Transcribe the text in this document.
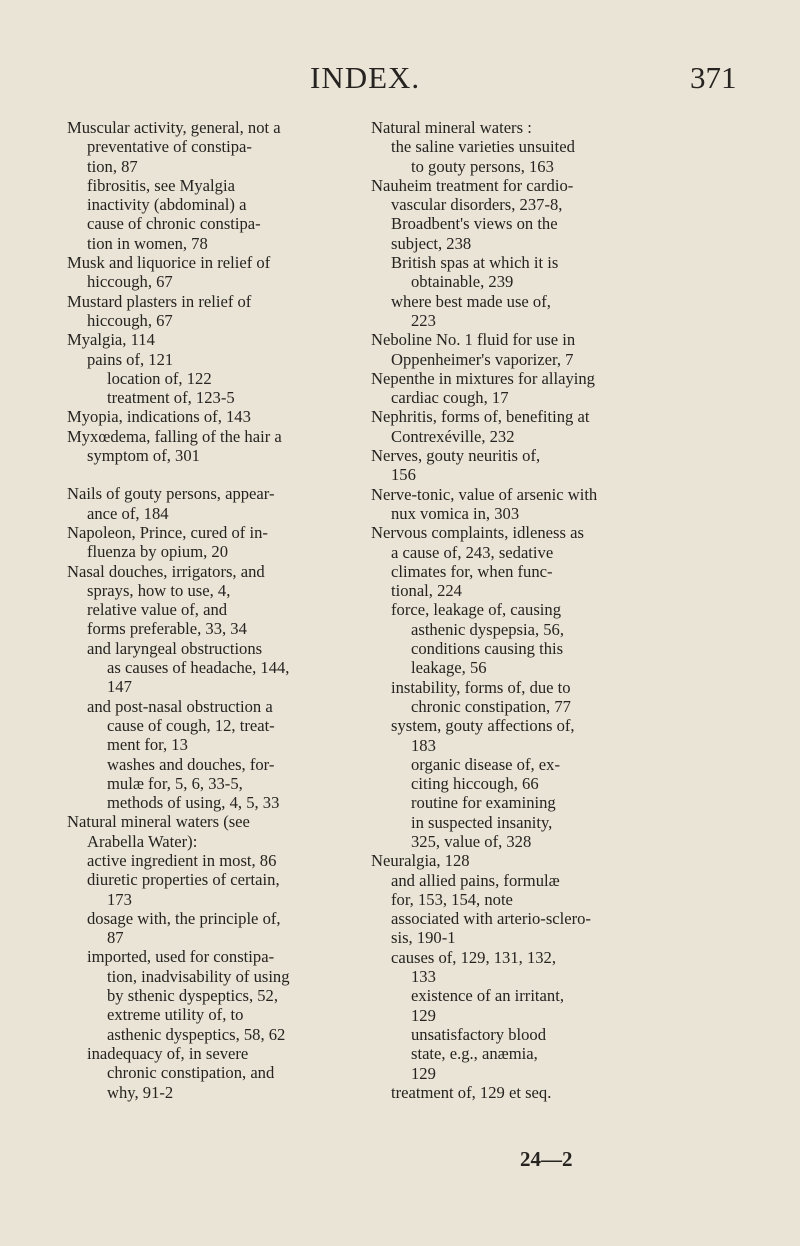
INDEX.	371
Muscular activity, general, not a
preventative of constipa-
tion, 87
fibrositis, see Myalgia
inactivity (abdominal) a
cause of chronic constipa-
tion in women, 78
Musk and liquorice in relief of
hiccough, 67
Mustard plasters in relief of
hiccough, 67
Myalgia, 114
pains of, 121
location of, 122
treatment of, 123-5
Myopia, indications of, 143
Myxœdema, falling of the hair a
symptom of, 301
Nails of gouty persons, appear-
ance of, 184
Napoleon, Prince, cured of in-
fluenza by opium, 20
Nasal douches, irrigators, and
sprays, how to use, 4,
relative value of, and
forms preferable, 33, 34
and laryngeal obstructions
as causes of headache, 144,
147
and post-nasal obstruction a
cause of cough, 12, treat-
ment for, 13
washes and douches, for-
mulæ for, 5, 6, 33-5,
methods of using, 4, 5, 33
Natural mineral waters (see
Arabella Water):
active ingredient in most, 86
diuretic properties of certain,
173
dosage with, the principle of,
87
imported, used for constipa-
tion, inadvisability of using
by sthenic dyspeptics, 52,
extreme utility of, to
asthenic dyspeptics, 58, 62
inadequacy of, in severe
chronic constipation, and
why, 91-2
Natural mineral waters :
the saline varieties unsuited
to gouty persons, 163
Nauheim treatment for cardio-
vascular disorders, 237-8,
Broadbent's views on the
subject, 238
British spas at which it is
obtainable, 239
where best made use of,
223
Neboline No. 1 fluid for use in
Oppenheimer's vaporizer, 7
Nepenthe in mixtures for allaying
cardiac cough, 17
Nephritis, forms of, benefiting at
Contrexéville, 232
Nerves, gouty neuritis of,
156
Nerve-tonic, value of arsenic with
nux vomica in, 303
Nervous complaints, idleness as
a cause of, 243, sedative
climates for, when func-
tional, 224
force, leakage of, causing
asthenic dyspepsia, 56,
conditions causing this
leakage, 56
instability, forms of, due to
chronic constipation, 77
system, gouty affections of,
183
organic disease of, ex-
citing hiccough, 66
routine for examining
in suspected insanity,
325, value of, 328
Neuralgia, 128
and allied pains, formulæ
for, 153, 154, note
associated with arterio-sclero-
sis, 190-1
causes of, 129, 131, 132,
133
existence of an irritant,
129
unsatisfactory blood
state, e.g., anæmia,
129
treatment of, 129 et seq.
24—2
